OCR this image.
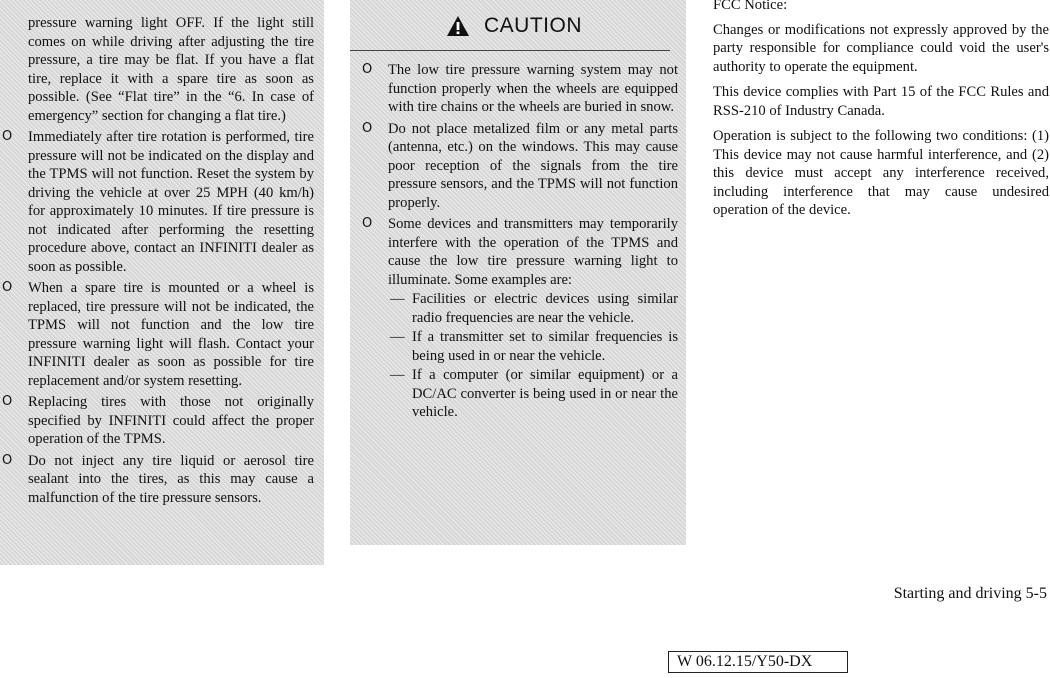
pressure warning light OFF. If the light still comes on while driving after adjusting the tire pressure, a tire may be flat. If you have a flat tire, replace it with a spare tire as soon as possible. (See “Flat tire” in the “6. In case of emergency” section for changing a flat tire.)

O Immediately after tire rotation is performed, tire pressure will not be indicated on the display and the TPMS will not function. Reset the system by driving the vehicle at over 25 MPH (40 km/h) for approximately 10 minutes. If tire pressure is not indicated after performing the resetting procedure above, contact an INFINITI dealer as soon as possible.
O When a spare tire is mounted or a wheel is replaced, tire pressure will not be indicated, the TPMS will not function and the low tire pressure warning light will flash. Contact your INFINITI dealer as soon as possible for tire replacement and/or system resetting.
O Replacing tires with those not originally specified by INFINITI could affect the proper operation of the TPMS.
O Do not inject any tire liquid or aerosol tire sealant into the tires, as this may cause a malfunction of the tire pressure sensors.
CAUTION
O The low tire pressure warning system may not function properly when the wheels are equipped with tire chains or the wheels are buried in snow.
O Do not place metalized film or any metal parts (antenna, etc.) on the windows. This may cause poor reception of the signals from the tire pressure sensors, and the TPMS will not function properly.
O Some devices and transmitters may temporarily interfere with the operation of the TPMS and cause the low tire pressure warning light to illuminate. Some examples are:
— Facilities or electric devices using similar radio frequencies are near the vehicle.
— If a transmitter set to similar frequencies is being used in or near the vehicle.
— If a computer (or similar equipment) or a DC/AC converter is being used in or near the vehicle.
FCC Notice:

Changes or modifications not expressly approved by the party responsible for compliance could void the user's authority to operate the equipment.

This device complies with Part 15 of the FCC Rules and RSS-210 of Industry Canada.

Operation is subject to the following two conditions: (1) This device may not cause harmful interference, and (2) this device must accept any interference received, including interference that may cause undesired operation of the device.

Starting and driving 5-5
W 06.12.15/Y50-DX
